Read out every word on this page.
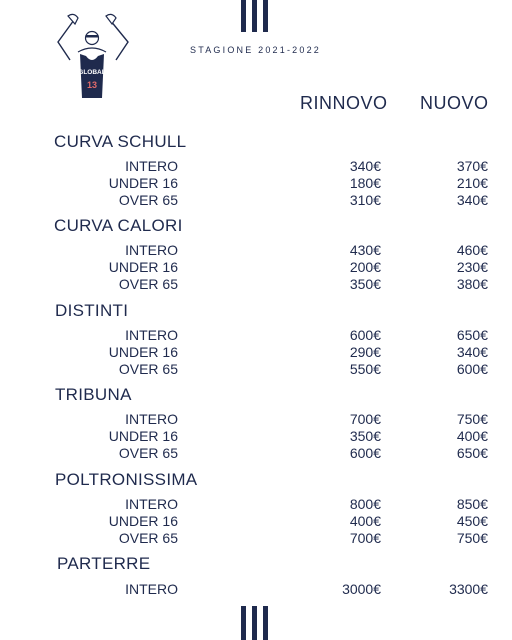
GLOBAL
13
STAGIONE 2021-2022
RINNOVO NUOVO
CURVA SCHULL
INTERO	340€	370€
UNDER 16	180€	210€
OVER 65	310€	340€
CURVA CALORI
INTERO	430€	460€
UNDER 16	200€	230€
OVER 65	350€	380€
DISTINTI
INTERO	600€	650€
UNDER 16	290€	340€
OVER 65	550€	600€
TRIBUNA
INTERO	700€	750€
UNDER 16	350€	400€
OVER 65	600€	650€
POLTRONISSIMA
INTERO	800€	850€
UNDER 16	400€	450€
OVER 65	700€	750€
PARTERRE
INTERO	3000€	3300€
